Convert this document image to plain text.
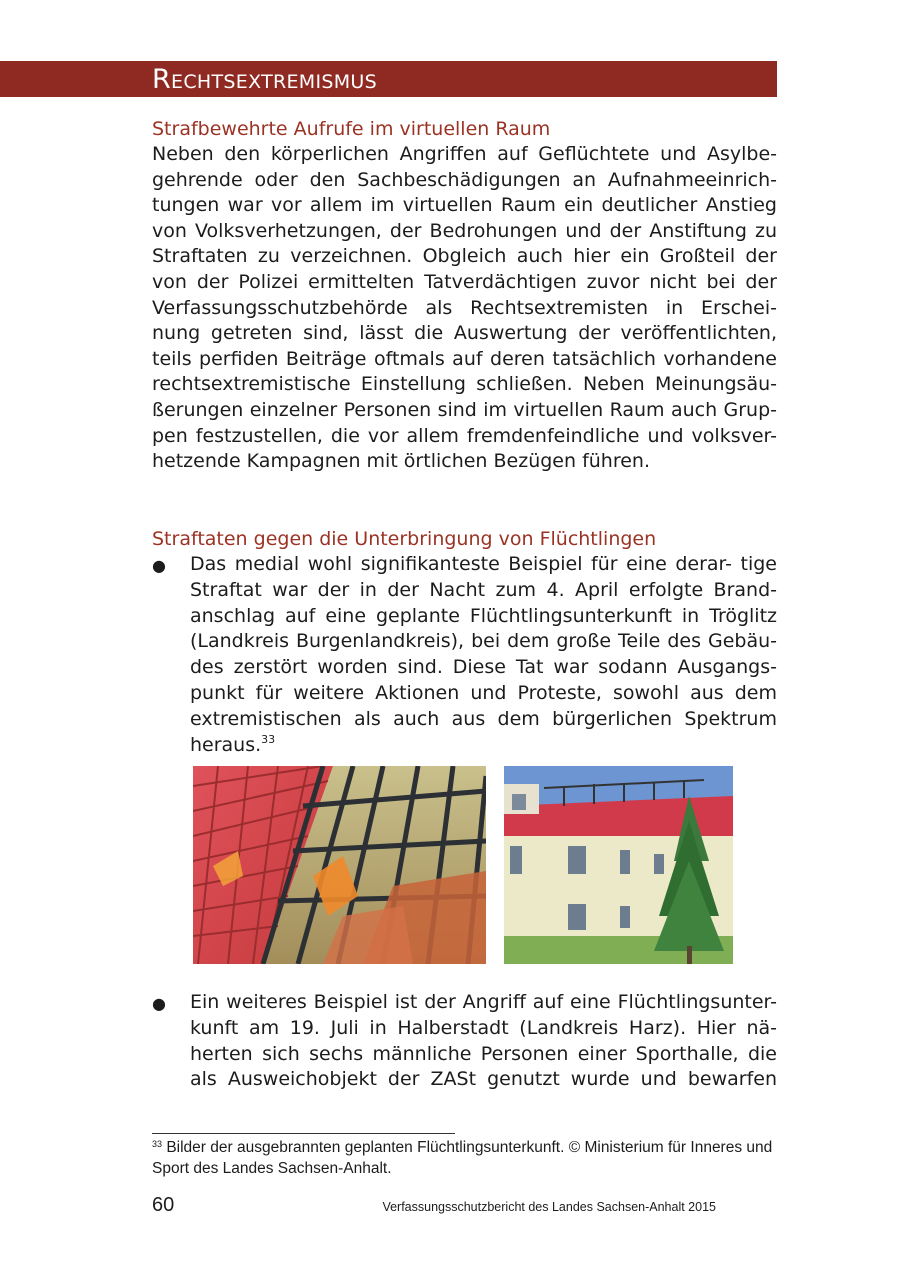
Rechtsextremismus
Strafbewehrte Aufrufe im virtuellen Raum
Neben den körperlichen Angriffen auf Geflüchtete und Asylbe-
gehrende oder den Sachbeschädigungen an Aufnahmeeinrich-
tungen war vor allem im virtuellen Raum ein deutlicher Anstieg
von Volksverhetzungen, der Bedrohungen und der Anstiftung zu
Straftaten zu verzeichnen. Obgleich auch hier ein Großteil der
von der Polizei ermittelten Tatverdächtigen zuvor nicht bei der
Verfassungsschutzbehörde als Rechtsextremisten in Erschei-
nung getreten sind, lässt die Auswertung der veröffentlichten,
teils perfiden Beiträge oftmals auf deren tatsächlich vorhandene
rechtsextremistische Einstellung schließen. Neben Meinungsäu-
ßerungen einzelner Personen sind im virtuellen Raum auch Grup-
pen festzustellen, die vor allem fremdenfeindliche und volksver-
hetzende Kampagnen mit örtlichen Bezügen führen.
Straftaten gegen die Unterbringung von Flüchtlingen
● Das medial wohl signifikanteste Beispiel für eine derar- tige
Straftat war der in der Nacht zum 4. April erfolgte Brand-
anschlag auf eine geplante Flüchtlingsunterkunft in Tröglitz
(Landkreis Burgenlandkreis), bei dem große Teile des Gebäu-
des zerstört worden sind. Diese Tat war sodann Ausgangs-
punkt für weitere Aktionen und Proteste, sowohl aus dem
extremistischen als auch aus dem bürgerlichen Spektrum
heraus.$^{33}$
● Ein weiteres Beispiel ist der Angriff auf eine Flüchtlingsunter-
kunft am 19. Juli in Halberstadt (Landkreis Harz). Hier nä-
herten sich sechs männliche Personen einer Sporthalle, die
als Ausweichobjekt der ZASt genutzt wurde und bewarfen

$^{33}$ Bilder der ausgebrannten geplanten Flüchtlingsunterkunft. © Ministerium für Inneres und Sport des Landes Sachsen-Anhalt.

60	Verfassungsschutzbericht des Landes Sachsen-Anhalt 2015
